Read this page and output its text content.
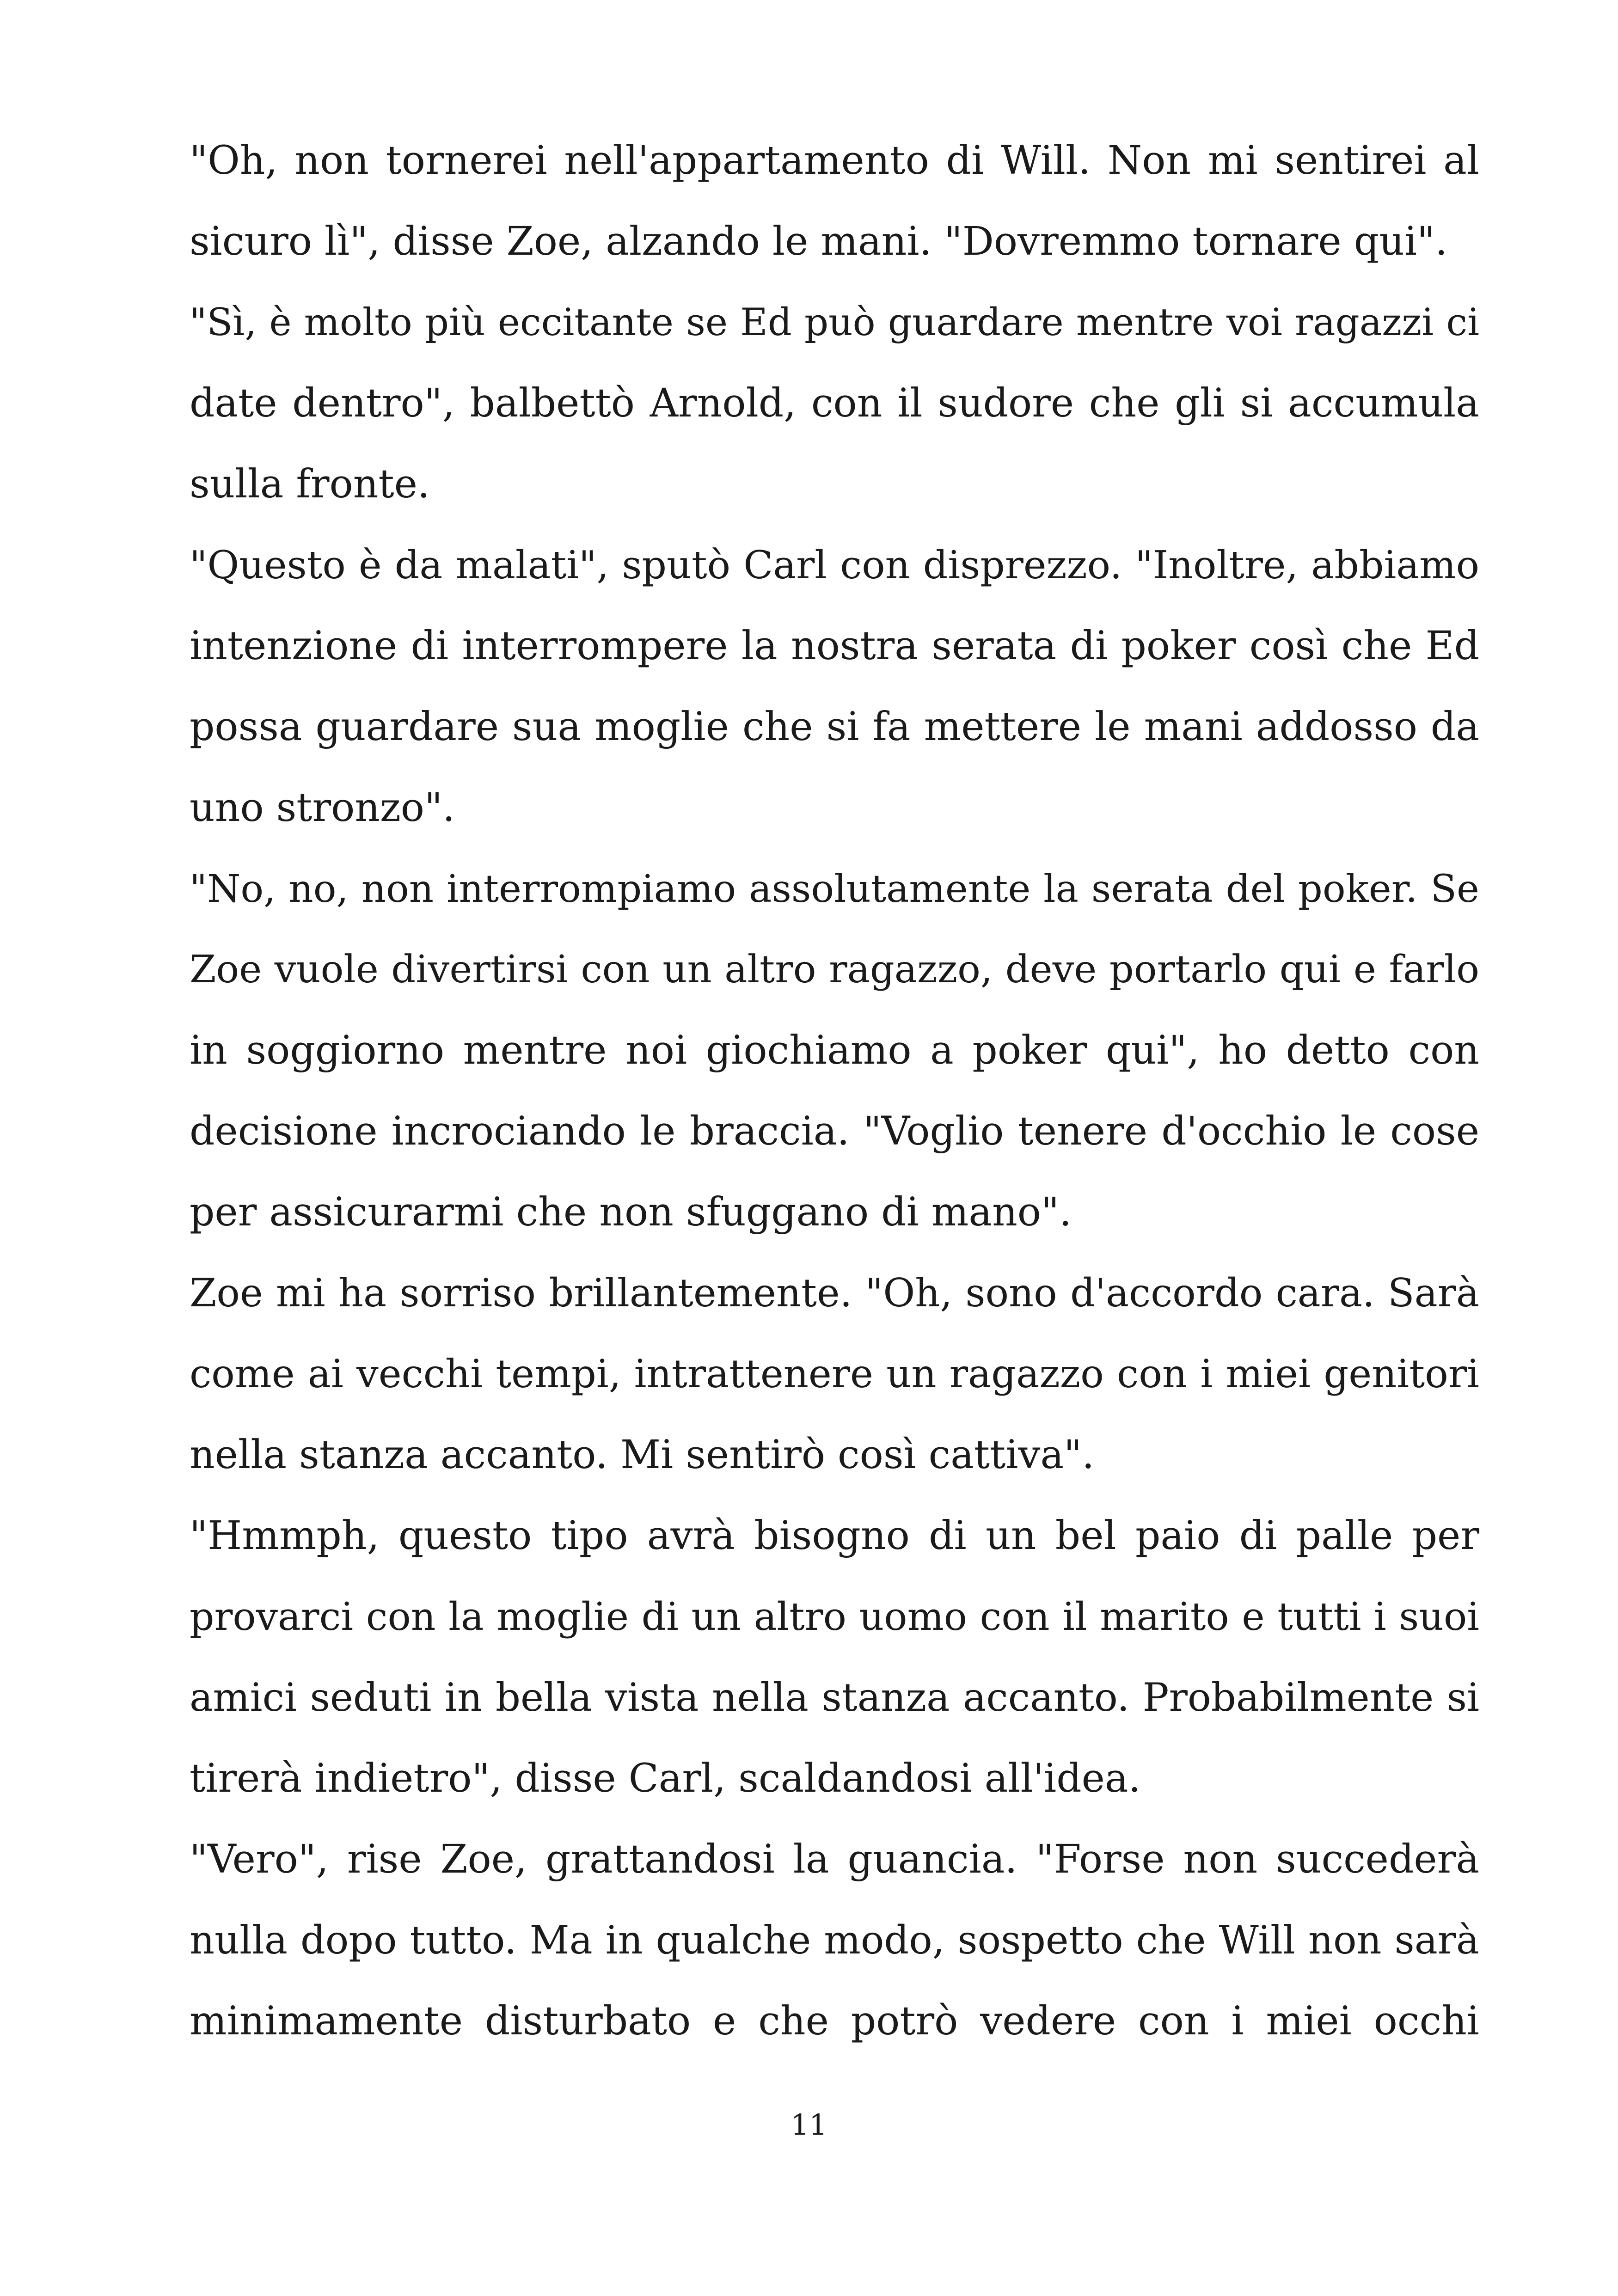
"Oh, non tornerei nell'appartamento di Will. Non mi sentirei al
sicuro lì", disse Zoe, alzando le mani. "Dovremmo tornare qui".
"Sì, è molto più eccitante se Ed può guardare mentre voi ragazzi ci
date dentro", balbettò Arnold, con il sudore che gli si accumula
sulla fronte.
"Questo è da malati", sputò Carl con disprezzo. "Inoltre, abbiamo
intenzione di interrompere la nostra serata di poker così che Ed
possa guardare sua moglie che si fa mettere le mani addosso da
uno stronzo".
"No, no, non interrompiamo assolutamente la serata del poker. Se
Zoe vuole divertirsi con un altro ragazzo, deve portarlo qui e farlo
in soggiorno mentre noi giochiamo a poker qui", ho detto con
decisione incrociando le braccia. "Voglio tenere d'occhio le cose
per assicurarmi che non sfuggano di mano".
Zoe mi ha sorriso brillantemente. "Oh, sono d'accordo cara. Sarà
come ai vecchi tempi, intrattenere un ragazzo con i miei genitori
nella stanza accanto. Mi sentirò così cattiva".
"Hmmph, questo tipo avrà bisogno di un bel paio di palle per
provarci con la moglie di un altro uomo con il marito e tutti i suoi
amici seduti in bella vista nella stanza accanto. Probabilmente si
tirerà indietro", disse Carl, scaldandosi all'idea.
"Vero", rise Zoe, grattandosi la guancia. "Forse non succederà
nulla dopo tutto. Ma in qualche modo, sospetto che Will non sarà
minimamente disturbato e che potrò vedere con i miei occhi
11
